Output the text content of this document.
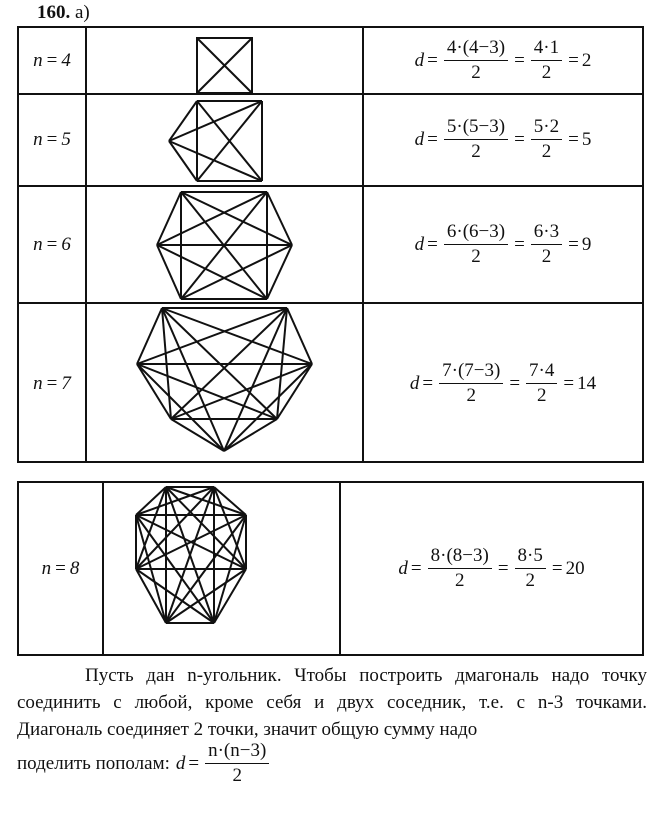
160. а)
n = 4	$d = \frac{4\cdot(4-3)}{2} = \frac{4\cdot 1}{2} = 2$
n = 5	$d = \frac{5\cdot(5-3)}{2} = \frac{5\cdot 2}{2} = 5$
n = 6	$d = \frac{6\cdot(6-3)}{2} = \frac{6\cdot 3}{2} = 9$
n = 7	$d = \frac{7\cdot(7-3)}{2} = \frac{7\cdot 4}{2} = 14$
n = 8	$d = \frac{8\cdot(8-3)}{2} = \frac{8\cdot 5}{2} = 20$

Пусть дан n-угольник. Чтобы построить дмагональ надо точку соединить с любой, кроме себя и двух соседник, т.е. с n-3 точками. Диагональ соединяет 2 точки, значит общую сумму надо

поделить пополам: $d = \frac{n\cdot(n-3)}{2}$
